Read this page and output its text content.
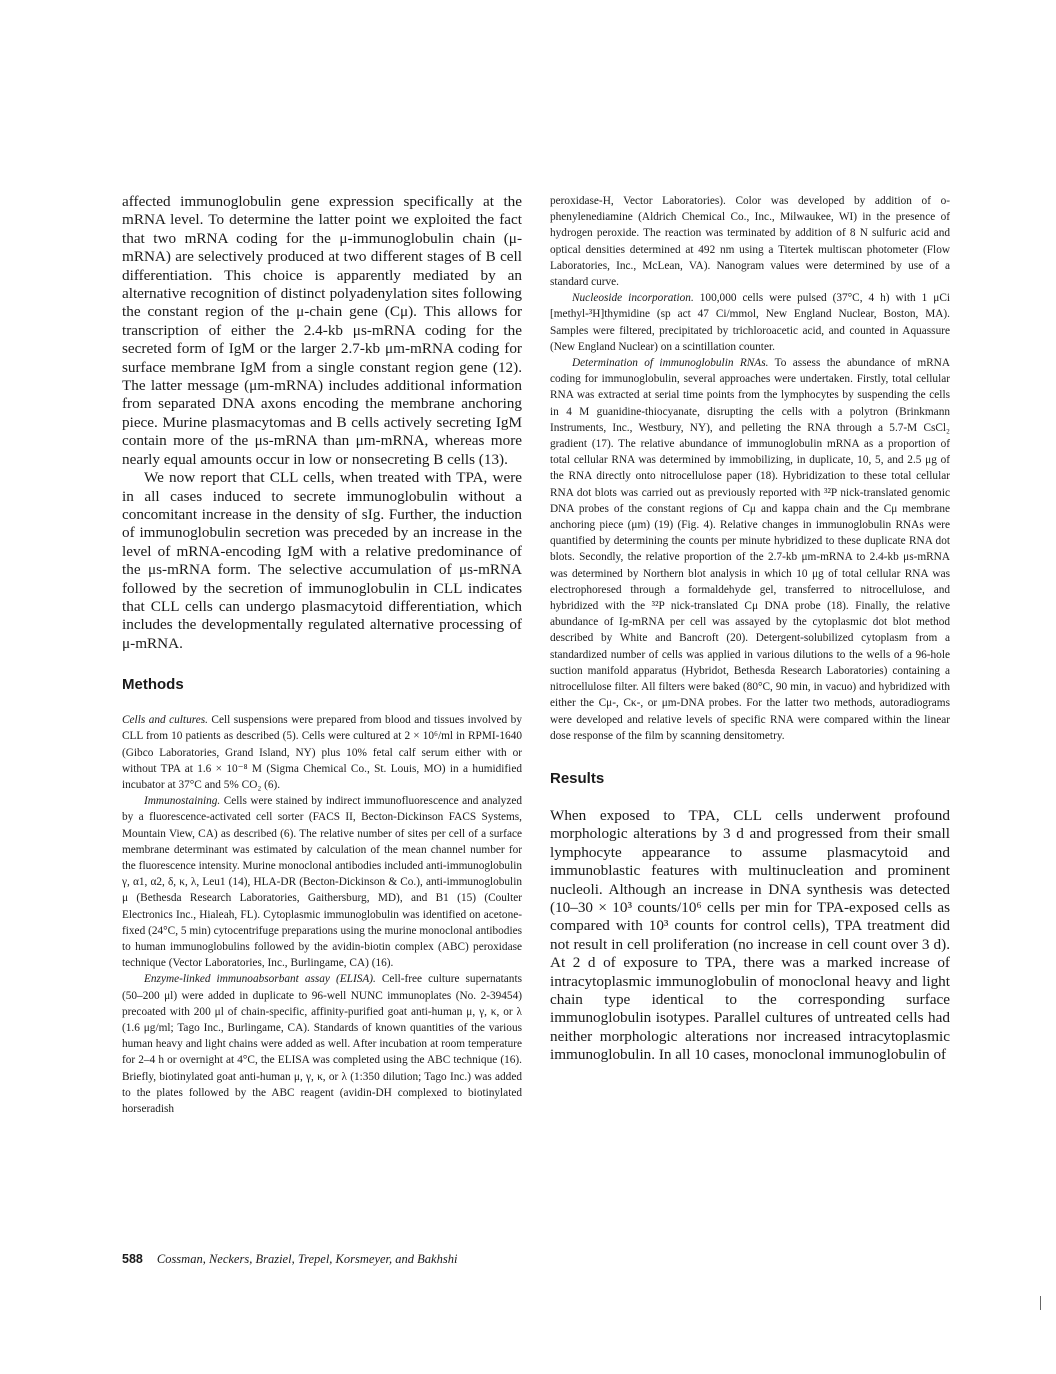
affected immunoglobulin gene expression specifically at the mRNA level. To determine the latter point we exploited the fact that two mRNA coding for the μ-immunoglobulin chain (μ-mRNA) are selectively produced at two different stages of B cell differentiation. This choice is apparently mediated by an alternative recognition of distinct polyadenylation sites following the constant region of the μ-chain gene (Cμ). This allows for transcription of either the 2.4-kb μs-mRNA coding for the secreted form of IgM or the larger 2.7-kb μm-mRNA coding for surface membrane IgM from a single constant region gene (12). The latter message (μm-mRNA) includes additional information from separated DNA axons encoding the membrane anchoring piece. Murine plasmacytomas and B cells actively secreting IgM contain more of the μs-mRNA than μm-mRNA, whereas more nearly equal amounts occur in low or nonsecreting B cells (13).

We now report that CLL cells, when treated with TPA, were in all cases induced to secrete immunoglobulin without a concomitant increase in the density of sIg. Further, the induction of immunoglobulin secretion was preceded by an increase in the level of mRNA-encoding IgM with a relative predominance of the μs-mRNA form. The selective accumulation of μs-mRNA followed by the secretion of immunoglobulin in CLL indicates that CLL cells can undergo plasmacytoid differentiation, which includes the developmentally regulated alternative processing of μ-mRNA.

Methods

Cells and cultures. Cell suspensions were prepared from blood and tissues involved by CLL from 10 patients as described (5). Cells were cultured at 2 × 10⁶/ml in RPMI-1640 (Gibco Laboratories, Grand Island, NY) plus 10% fetal calf serum either with or without TPA at 1.6 × 10⁻⁸ M (Sigma Chemical Co., St. Louis, MO) in a humidified incubator at 37°C and 5% CO₂ (6).

Immunostaining. Cells were stained by indirect immunofluorescence and analyzed by a fluorescence-activated cell sorter (FACS II, Becton-Dickinson FACS Systems, Mountain View, CA) as described (6). The relative number of sites per cell of a surface membrane determinant was estimated by calculation of the mean channel number for the fluorescence intensity. Murine monoclonal antibodies included anti-immunoglobulin γ, α1, α2, δ, κ, λ, Leu1 (14), HLA-DR (Becton-Dickinson & Co.), anti-immunoglobulin μ (Bethesda Research Laboratories, Gaithersburg, MD), and B1 (15) (Coulter Electronics Inc., Hialeah, FL). Cytoplasmic immunoglobulin was identified on acetone-fixed (24°C, 5 min) cytocentrifuge preparations using the murine monoclonal antibodies to human immunoglobulins followed by the avidin-biotin complex (ABC) peroxidase technique (Vector Laboratories, Inc., Burlingame, CA) (16).

Enzyme-linked immunoabsorbant assay (ELISA). Cell-free culture supernatants (50–200 μl) were added in duplicate to 96-well NUNC immunoplates (No. 2-39454) precoated with 200 μl of chain-specific, affinity-purified goat anti-human μ, γ, κ, or λ (1.6 μg/ml; Tago Inc., Burlingame, CA). Standards of known quantities of the various human heavy and light chains were added as well. After incubation at room temperature for 2–4 h or overnight at 4°C, the ELISA was completed using the ABC technique (16). Briefly, biotinylated goat anti-human μ, γ, κ, or λ (1:350 dilution; Tago Inc.) was added to the plates followed by the ABC reagent (avidin-DH complexed to biotinylated horseradish

peroxidase-H, Vector Laboratories). Color was developed by addition of o-phenylenediamine (Aldrich Chemical Co., Inc., Milwaukee, WI) in the presence of hydrogen peroxide. The reaction was terminated by addition of 8 N sulfuric acid and optical densities determined at 492 nm using a Titertek multiscan photometer (Flow Laboratories, Inc., McLean, VA). Nanogram values were determined by use of a standard curve.

Nucleoside incorporation. 100,000 cells were pulsed (37°C, 4 h) with 1 μCi [methyl-³H]thymidine (sp act 47 Ci/mmol, New England Nuclear, Boston, MA). Samples were filtered, precipitated by trichloroacetic acid, and counted in Aquassure (New England Nuclear) on a scintillation counter.

Determination of immunoglobulin RNAs. To assess the abundance of mRNA coding for immunoglobulin, several approaches were undertaken. Firstly, total cellular RNA was extracted at serial time points from the lymphocytes by suspending the cells in 4 M guanidine-thiocyanate, disrupting the cells with a polytron (Brinkmann Instruments, Inc., Westbury, NY), and pelleting the RNA through a 5.7-M CsCl₂ gradient (17). The relative abundance of immunoglobulin mRNA as a proportion of total cellular RNA was determined by immobilizing, in duplicate, 10, 5, and 2.5 μg of the RNA directly onto nitrocellulose paper (18). Hybridization to these total cellular RNA dot blots was carried out as previously reported with ³²P nick-translated genomic DNA probes of the constant regions of Cμ and kappa chain and the Cμ membrane anchoring piece (μm) (19) (Fig. 4). Relative changes in immunoglobulin RNAs were quantified by determining the counts per minute hybridized to these duplicate RNA dot blots. Secondly, the relative proportion of the 2.7-kb μm-mRNA to 2.4-kb μs-mRNA was determined by Northern blot analysis in which 10 μg of total cellular RNA was electrophoresed through a formaldehyde gel, transferred to nitrocellulose, and hybridized with the ³²P nick-translated Cμ DNA probe (18). Finally, the relative abundance of Ig-mRNA per cell was assayed by the cytoplasmic dot blot method described by White and Bancroft (20). Detergent-solubilized cytoplasm from a standardized number of cells was applied in various dilutions to the wells of a 96-hole suction manifold apparatus (Hybridot, Bethesda Research Laboratories) containing a nitrocellulose filter. All filters were baked (80°C, 90 min, in vacuo) and hybridized with either the Cμ-, Cκ-, or μm-DNA probes. For the latter two methods, autoradiograms were developed and relative levels of specific RNA were compared within the linear dose response of the film by scanning densitometry.

Results

When exposed to TPA, CLL cells underwent profound morphologic alterations by 3 d and progressed from their small lymphocyte appearance to assume plasmacytoid and immunoblastic features with multinucleation and prominent nucleoli. Although an increase in DNA synthesis was detected (10–30 × 10³ counts/10⁶ cells per min for TPA-exposed cells as compared with 10³ counts for control cells), TPA treatment did not result in cell proliferation (no increase in cell count over 3 d). At 2 d of exposure to TPA, there was a marked increase of intracytoplasmic immunoglobulin of monoclonal heavy and light chain type identical to the corresponding surface immunoglobulin isotypes. Parallel cultures of untreated cells had neither morphologic alterations nor increased intracytoplasmic immunoglobulin. In all 10 cases, monoclonal immunoglobulin of

588 Cossman, Neckers, Braziel, Trepel, Korsmeyer, and Bakhshi
